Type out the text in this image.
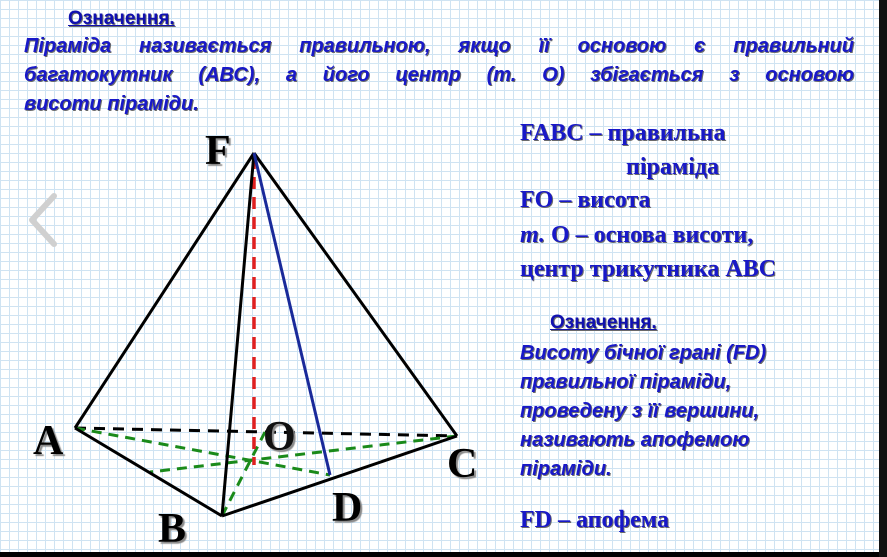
Означення.
Піраміда називається правильною, якщо її основою є правильний
багатокутник (АВС), а його центр (т. О) збігається з основою
висоти піраміди.
F
A	O
C
D
B
FABC – правильна
піраміда
FO – висота
т. О – основа висоти,
центр трикутника АВС
Означення.
Висоту бічної грані (FD)
правильної піраміди,
проведену з її вершини,
називають апофемою
піраміди.
FD – апофема
